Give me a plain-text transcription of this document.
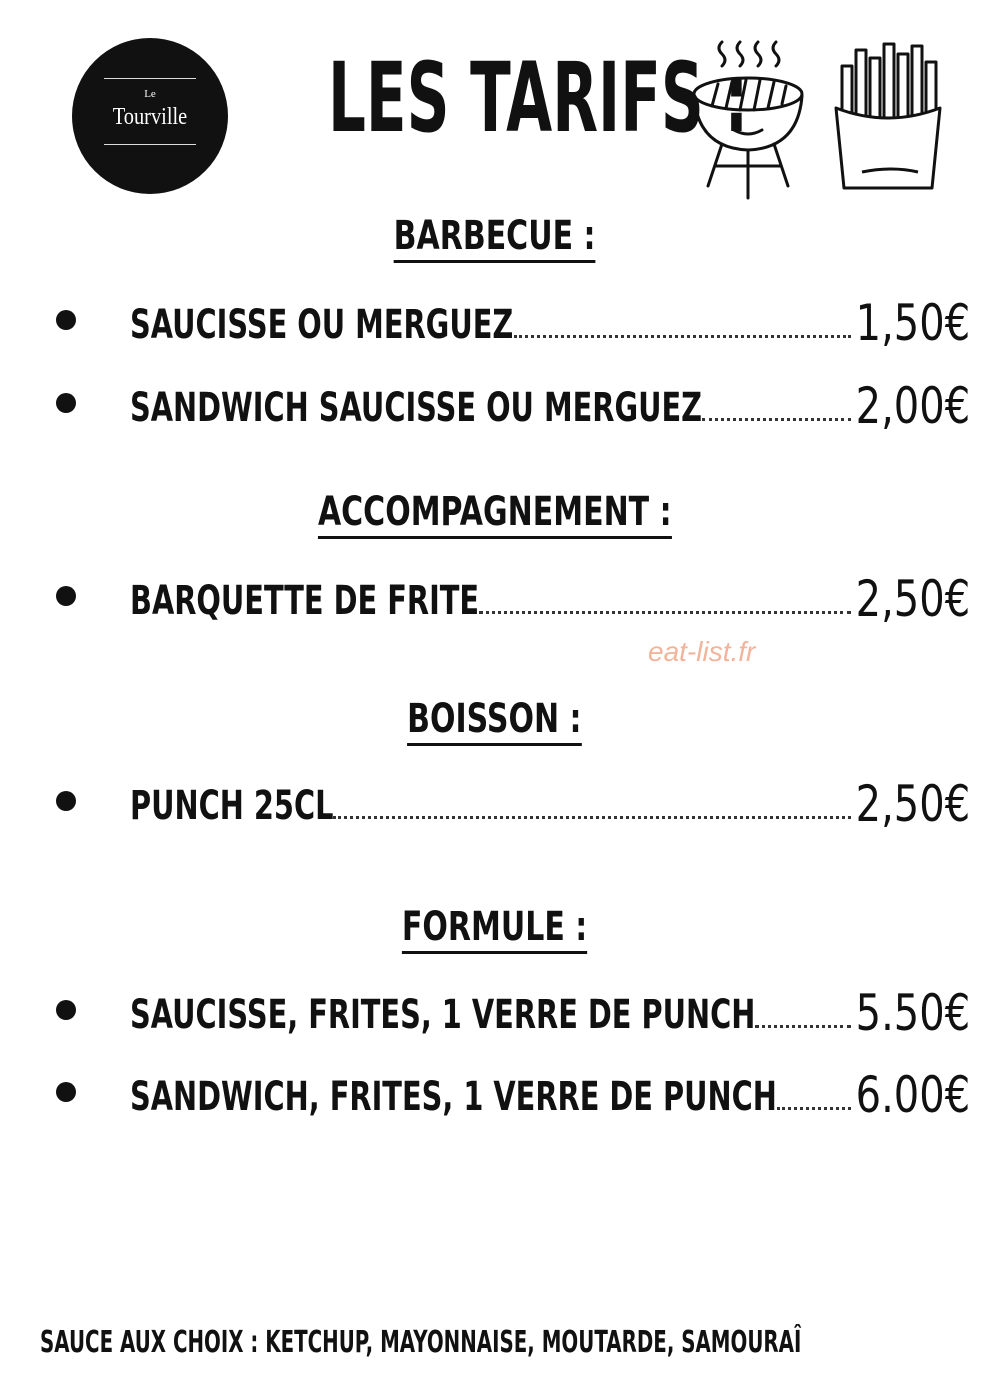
Le
Tourville	LES TARIFS :
BARBECUE :
SAUCISSE OU MERGUEZ	1,50€
SANDWICH SAUCISSE OU MERGUEZ	2,00€
ACCOMPAGNEMENT :
BARQUETTE DE FRITE	2,50€
eat-list.fr
BOISSON :
PUNCH 25CL	2,50€
FORMULE :
SAUCISSE, FRITES, 1 VERRE DE PUNCH 5.50€
SANDWICH, FRITES, 1 VERRE DE PUNCH 6.00€
SAUCE AUX CHOIX : KETCHUP, MAYONNAISE, MOUTARDE, SAMOURAÎ
